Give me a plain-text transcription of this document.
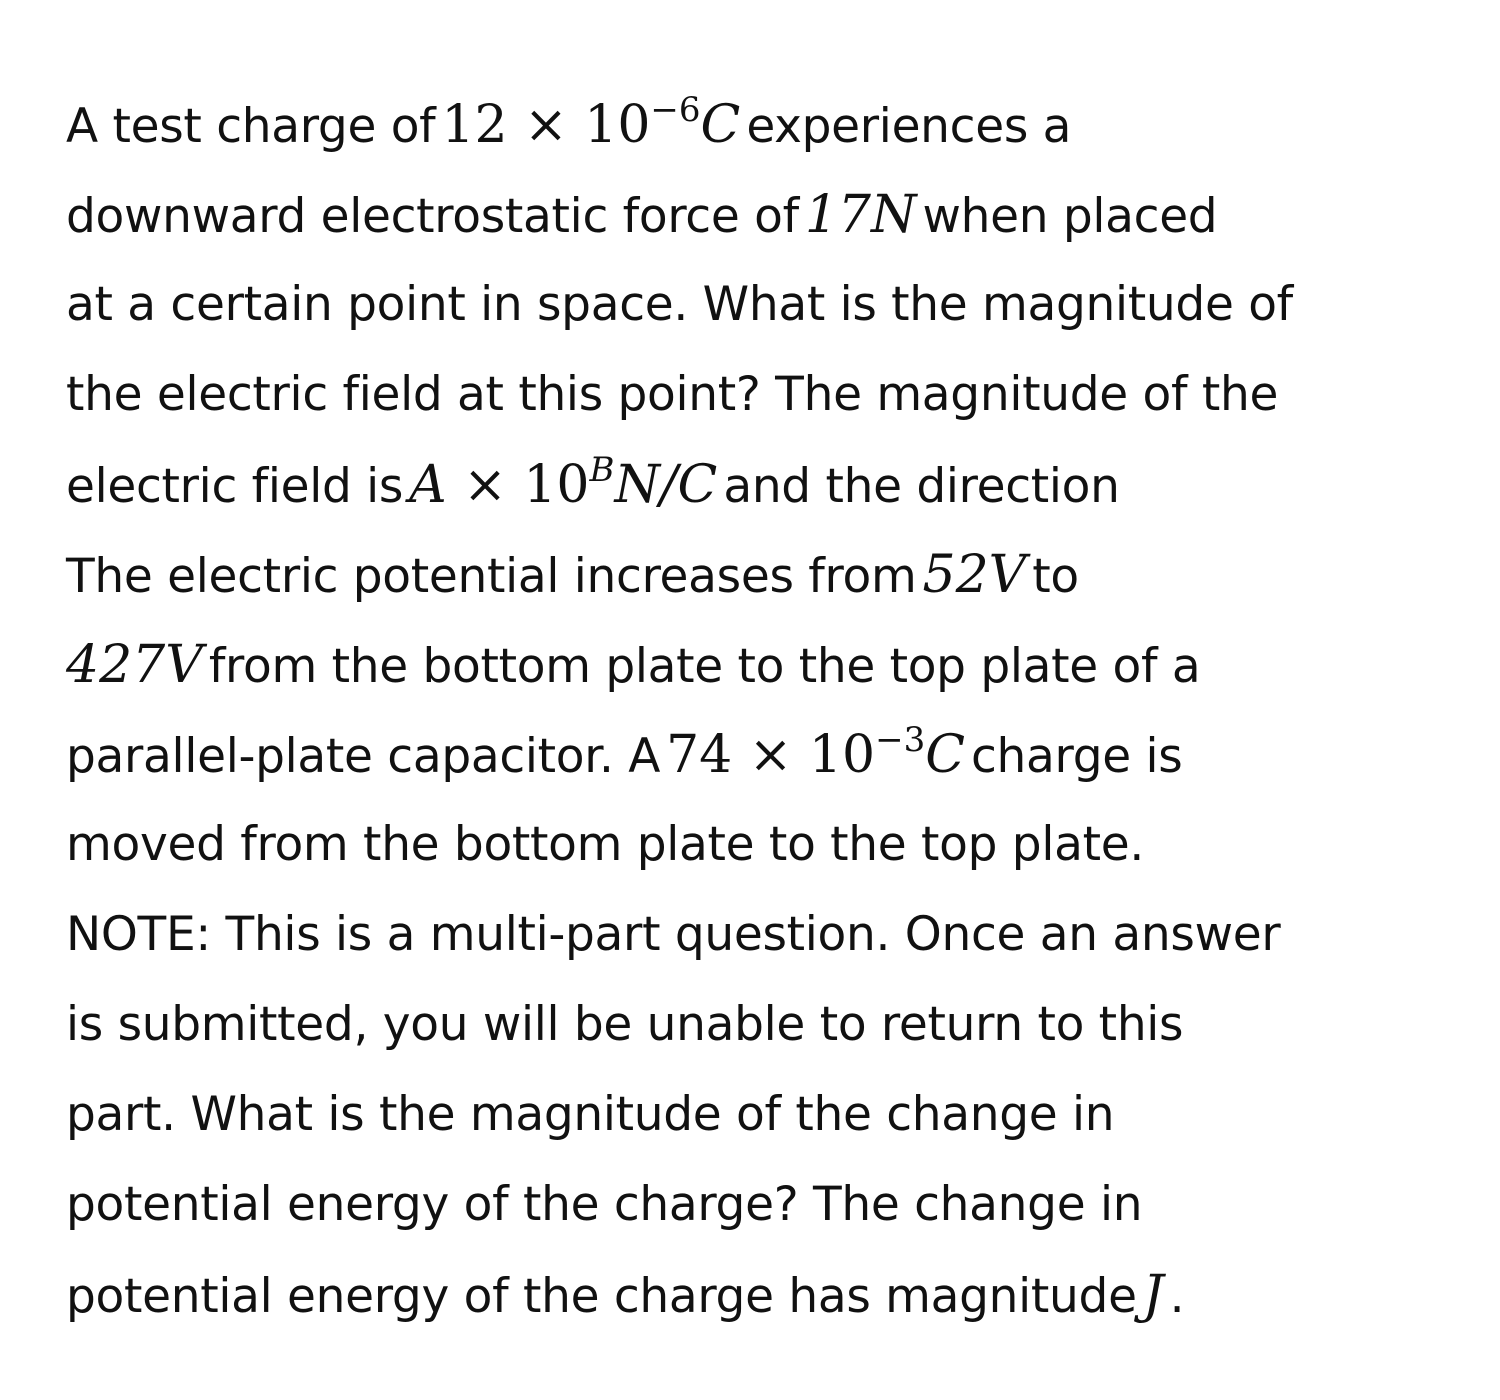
A test charge of $12 \times 10^{-6}C$ experiences a
downward electrostatic force of 17N when placed
at a certain point in space. What is the magnitude of
the electric field at this point? The magnitude of the
electric field is $A \times 10^BN/C$ and the direction
The electric potential increases from 52V to
427V from the bottom plate to the top plate of a
parallel-plate capacitor. A $74 \times 10^{-3}C$ charge is
moved from the bottom plate to the top plate.
NOTE: This is a multi-part question. Once an answer
is submitted, you will be unable to return to this
part. What is the magnitude of the change in
potential energy of the charge? The change in
potential energy of the charge has magnitude J .
